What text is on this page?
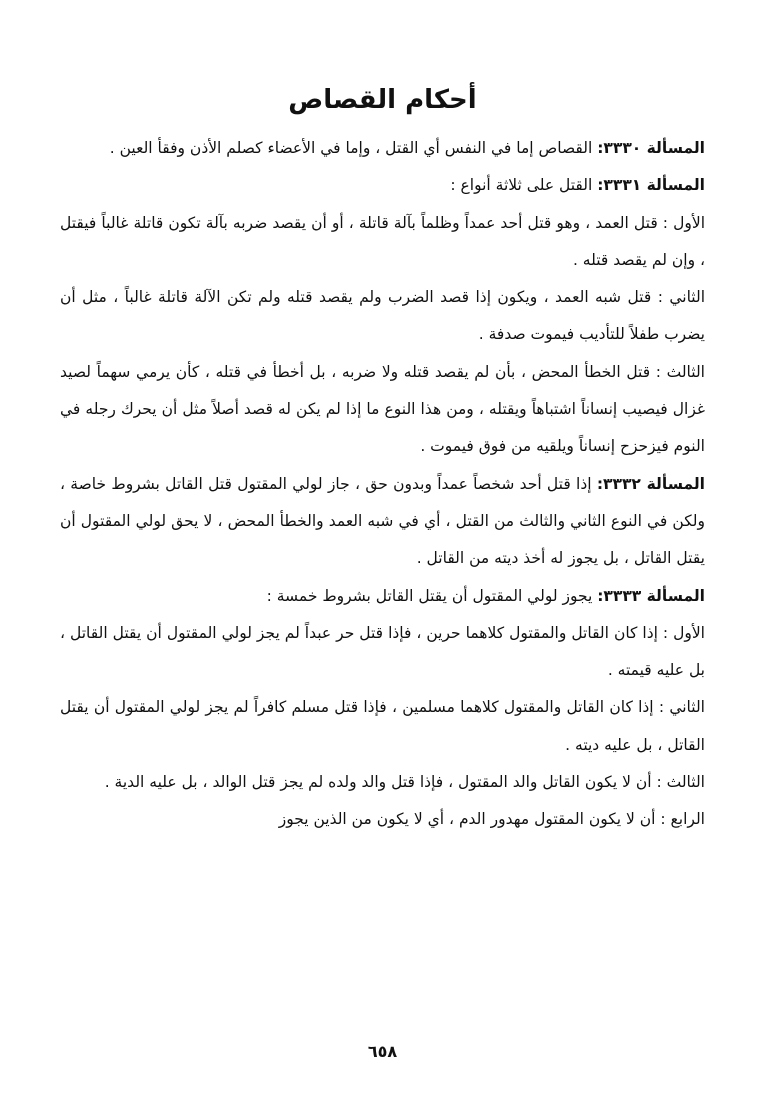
أحكام القصاص

المسألة ٣٣٣٠: القصاص إما في النفس أي القتل ، وإما في الأعضاء كصلم الأذن وفقأ العين .

المسألة ٣٣٣١: القتل على ثلاثة أنواع :

الأول : قتل العمد ، وهو قتل أحد عمداً وظلماً بآلة قاتلة ، أو أن يقصد ضربه بآلة تكون قاتلة غالباً فيقتل ، وإن لم يقصد قتله .

الثاني : قتل شبه العمد ، ويكون إذا قصد الضرب ولم يقصد قتله ولم تكن الآلة قاتلة غالباً ، مثل أن يضرب طفلاً للتأديب فيموت صدفة .

الثالث : قتل الخطأ المحض ، بأن لم يقصد قتله ولا ضربه ، بل أخطأ في قتله ، كأن يرمي سهماً لصيد غزال فيصيب إنساناً اشتباهاً ويقتله ، ومن هذا النوع ما إذا لم يكن له قصد أصلاً مثل أن يحرك رجله في النوم فيزحزح إنساناً ويلقيه من فوق فيموت .

المسألة ٣٣٣٢: إذا قتل أحد شخصاً عمداً وبدون حق ، جاز لولي المقتول قتل القاتل بشروط خاصة ، ولكن في النوع الثاني والثالث من القتل ، أي في شبه العمد والخطأ المحض ، لا يحق لولي المقتول أن يقتل القاتل ، بل يجوز له أخذ ديته من القاتل .

المسألة ٣٣٣٣: يجوز لولي المقتول أن يقتل القاتل بشروط خمسة :

الأول : إذا كان القاتل والمقتول كلاهما حرين ، فإذا قتل حر عبداً لم يجز لولي المقتول أن يقتل القاتل ، بل عليه قيمته .

الثاني : إذا كان القاتل والمقتول كلاهما مسلمين ، فإذا قتل مسلم كافراً لم يجز لولي المقتول أن يقتل القاتل ، بل عليه ديته .

الثالث : أن لا يكون القاتل والد المقتول ، فإذا قتل والد ولده لم يجز قتل الوالد ، بل عليه الدية .

الرابع : أن لا يكون المقتول مهدور الدم ، أي لا يكون من الذين يجوز

٦٥٨
